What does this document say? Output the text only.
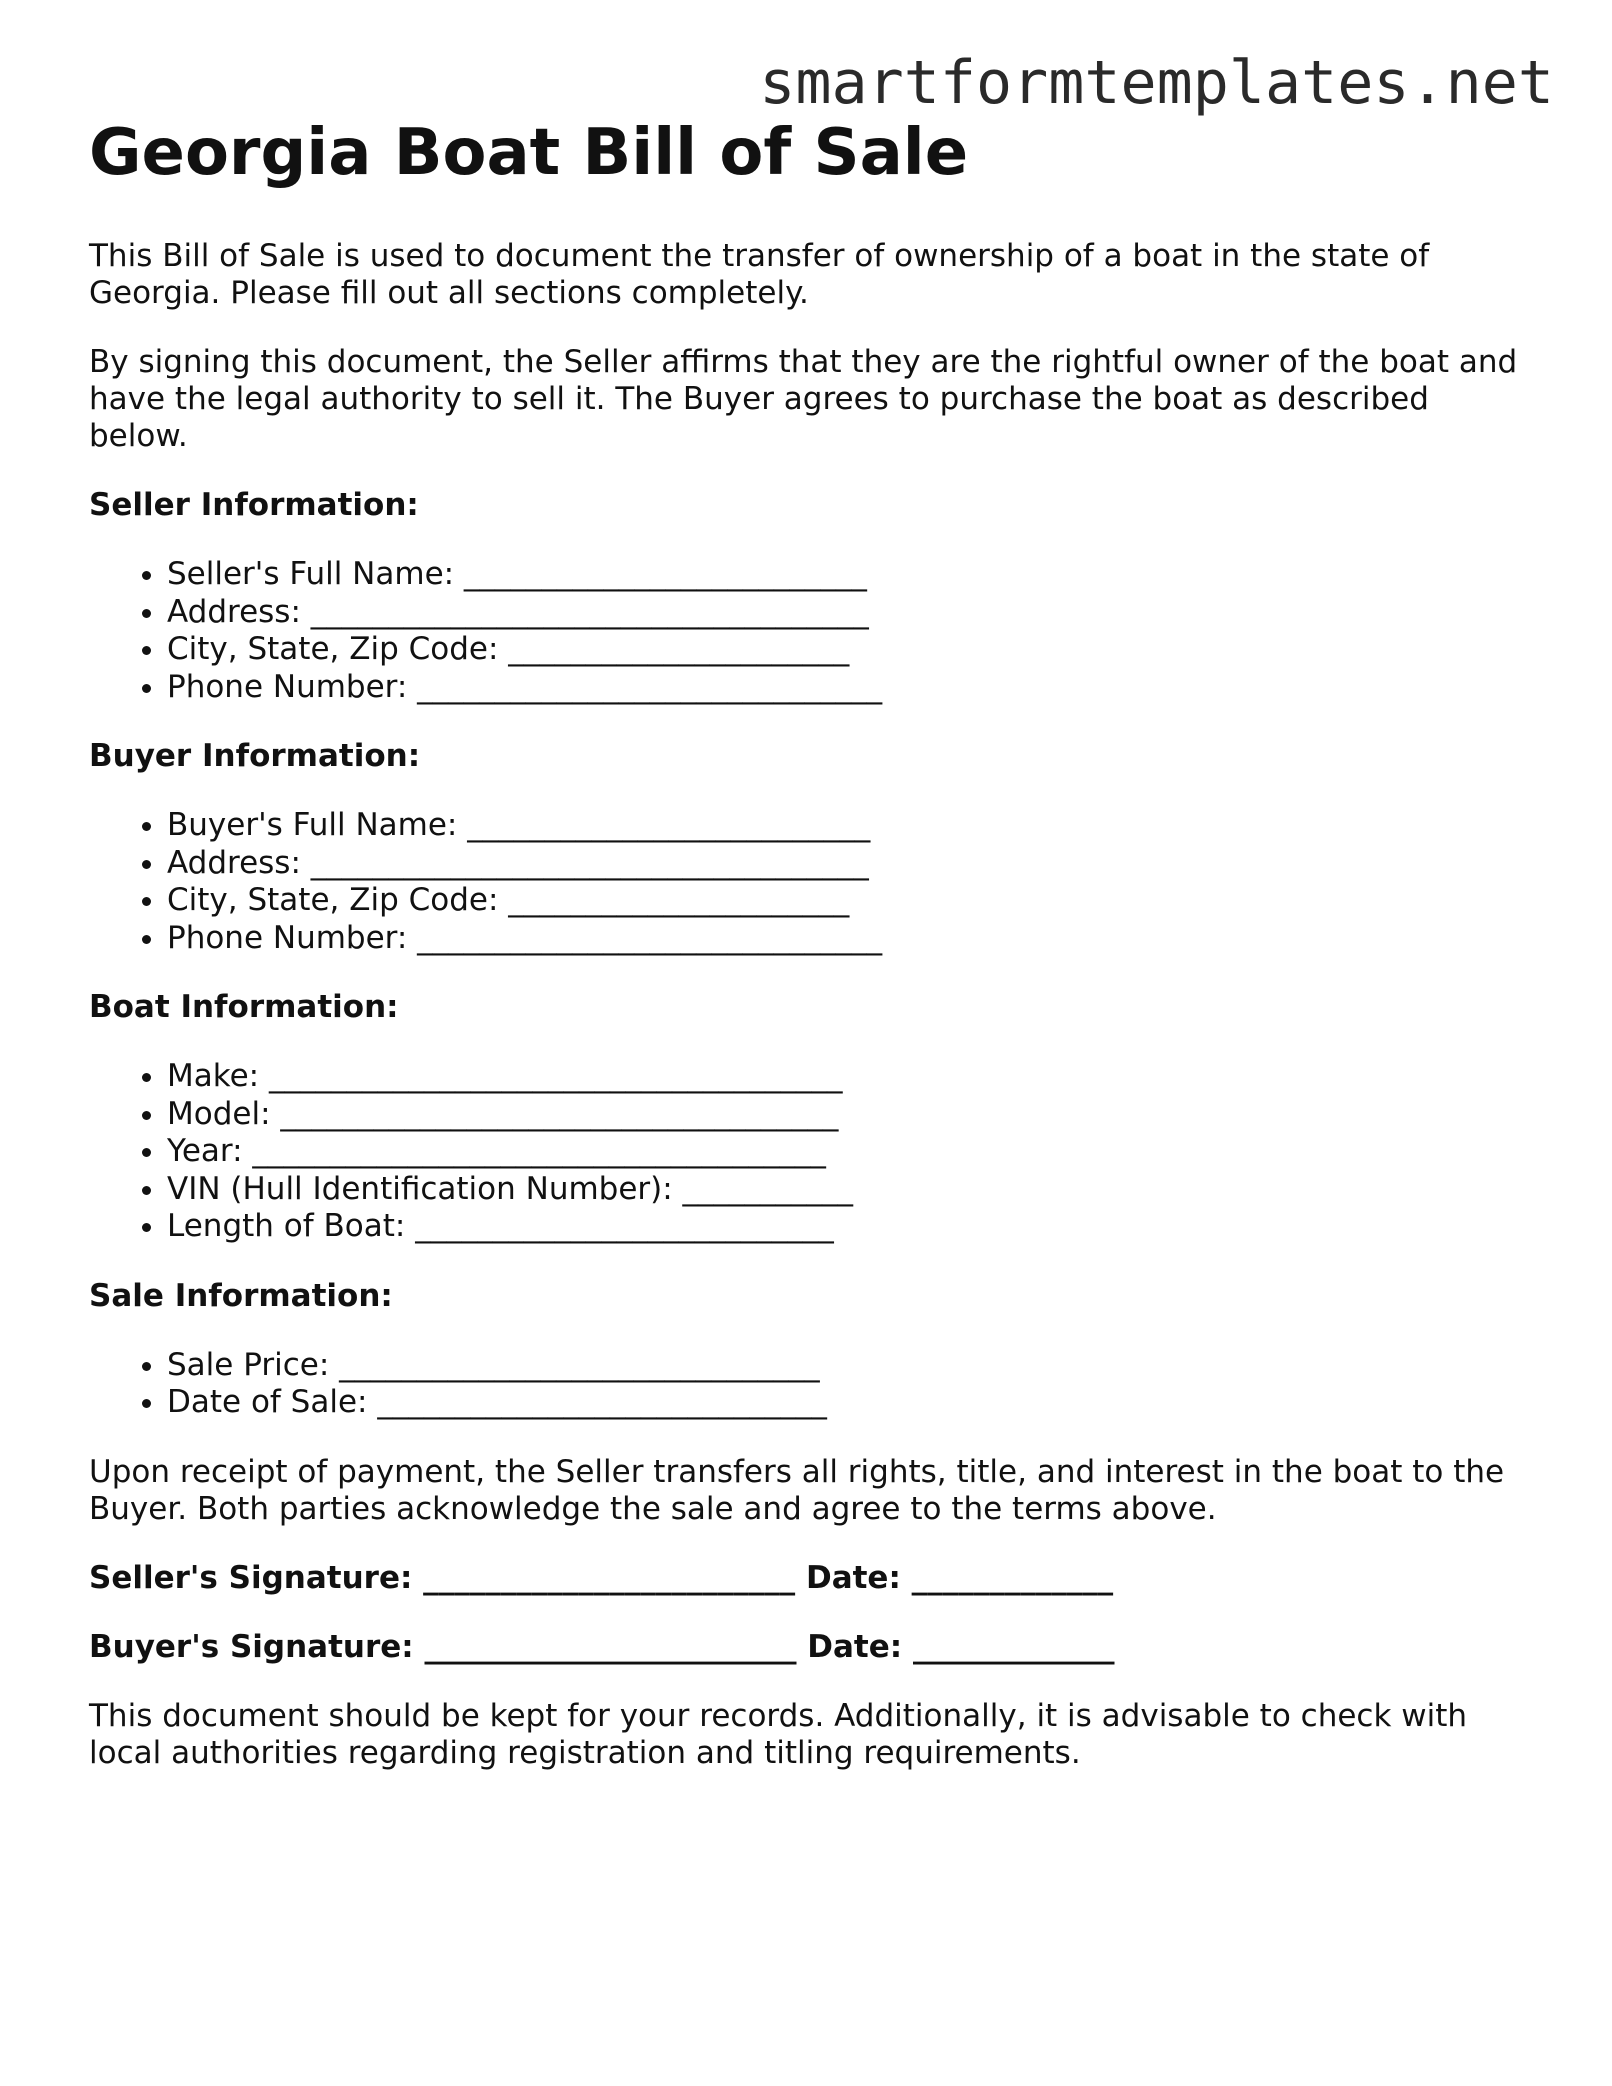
smartformtemplates.net
Georgia Boat Bill of Sale

This Bill of Sale is used to document the transfer of ownership of a boat in the state of Georgia. Please fill out all sections completely.

By signing this document, the Seller affirms that they are the rightful owner of the boat and have the legal authority to sell it. The Buyer agrees to purchase the boat as described below.

Seller Information:
• Seller's Full Name: __________________________
• Address: ____________________________________
• City, State, Zip Code: ______________________
• Phone Number: ______________________________
Buyer Information:
• Buyer's Full Name: __________________________
• Address: ____________________________________
• City, State, Zip Code: ______________________
• Phone Number: ______________________________
Boat Information:
• Make: _____________________________________
• Model: ____________________________________
• Year: _____________________________________
• VIN (Hull Identification Number): ___________
• Length of Boat: ___________________________
Sale Information:
• Sale Price: _______________________________
• Date of Sale: _____________________________

Upon receipt of payment, the Seller transfers all rights, title, and interest in the boat to the Buyer. Both parties acknowledge the sale and agree to the terms above.

Seller's Signature: ________________________ Date: _____________
Buyer's Signature: ________________________ Date: _____________

This document should be kept for your records. Additionally, it is advisable to check with local authorities regarding registration and titling requirements.
